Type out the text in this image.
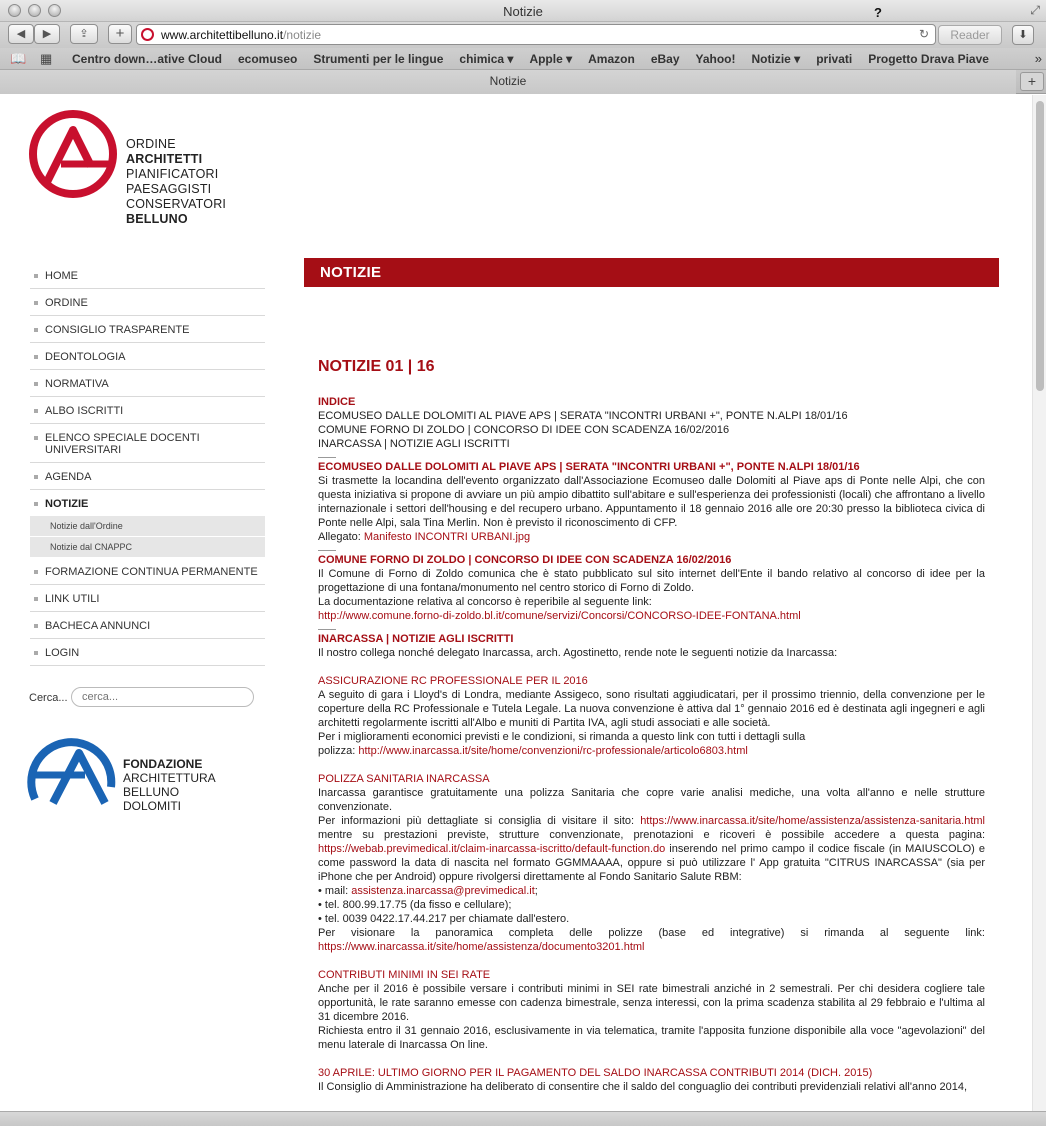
Notizie	?	⤢
◀	▶	⇪	+	www.architettibelluno.it/notizie	↻	Reader	⬇
📖 ▦ Centro down…ative Cloud ecomuseo Strumenti per le lingue chimica ▾ Apple ▾ Amazon eBay Yahoo! Notizie ▾ privati Progetto Drava Piave	»
Notizie	+
ORDINE
ARCHITETTI
PIANIFICATORI
PAESAGGISTI
CONSERVATORI
BELLUNO
HOME
ORDINE
CONSIGLIO TRASPARENTE
DEONTOLOGIA
NORMATIVA
ALBO ISCRITTI
ELENCO SPECIALE DOCENTI UNIVERSITARI
AGENDA
NOTIZIE
Notizie dall'Ordine
Notizie dal CNAPPC
FORMAZIONE CONTINUA PERMANENTE
LINK UTILI
BACHECA ANNUNCI
LOGIN
Cerca...
cerca...
FONDAZIONE
ARCHITETTURA
BELLUNO
DOLOMITI
NOTIZIE
NOTIZIE 01 | 16
INDICE
ECOMUSEO DALLE DOLOMITI AL PIAVE APS | SERATA "INCONTRI URBANI +", PONTE N.ALPI 18/01/16
COMUNE FORNO DI ZOLDO | CONCORSO DI IDEE CON SCADENZA 16/02/2016
INARCASSA | NOTIZIE AGLI ISCRITTI
ECOMUSEO DALLE DOLOMITI AL PIAVE APS | SERATA "INCONTRI URBANI +", PONTE N.ALPI 18/01/16
Si trasmette la locandina dell'evento organizzato dall'Associazione Ecomuseo dalle Dolomiti al Piave aps di Ponte nelle Alpi, che con questa iniziativa si propone di avviare un più ampio dibattito sull'abitare e sull'esperienza dei professionisti (locali) che affrontano a livello internazionale i settori dell'housing e del recupero urbano. Appuntamento il 18 gennaio 2016 alle ore 20:30 presso la biblioteca civica di Ponte nelle Alpi, sala Tina Merlin. Non è previsto il riconoscimento di CFP.
Allegato: Manifesto INCONTRI URBANI.jpg
COMUNE FORNO DI ZOLDO | CONCORSO DI IDEE CON SCADENZA 16/02/2016
Il Comune di Forno di Zoldo comunica che è stato pubblicato sul sito internet dell'Ente il bando relativo al concorso di idee per la progettazione di una fontana/monumento nel centro storico di Forno di Zoldo.
La documentazione relativa al concorso è reperibile al seguente link:
http://www.comune.forno-di-zoldo.bl.it/comune/servizi/Concorsi/CONCORSO-IDEE-FONTANA.html
INARCASSA | NOTIZIE AGLI ISCRITTI
Il nostro collega nonché delegato Inarcassa, arch. Agostinetto, rende note le seguenti notizie da Inarcassa:
ASSICURAZIONE RC PROFESSIONALE PER IL 2016
A seguito di gara i Lloyd's di Londra, mediante Assigeco, sono risultati aggiudicatari, per il prossimo triennio, della convenzione per le coperture della RC Professionale e Tutela Legale. La nuova convenzione è attiva dal 1° gennaio 2016 ed è destinata agli ingegneri e agli architetti regolarmente iscritti all'Albo e muniti di Partita IVA, agli studi associati e alle società.
Per i miglioramenti economici previsti e le condizioni, si rimanda a questo link con tutti i dettagli sulla
polizza: http://www.inarcassa.it/site/home/convenzioni/rc-professionale/articolo6803.html
POLIZZA SANITARIA INARCASSA
Inarcassa garantisce gratuitamente una polizza Sanitaria che copre varie analisi mediche, una volta all'anno e nelle strutture convenzionate.
Per informazioni più dettagliate si consiglia di visitare il sito: https://www.inarcassa.it/site/home/assistenza/assistenza-sanitaria.html mentre su prestazioni previste, strutture convenzionate, prenotazioni e ricoveri è possibile accedere a questa pagina: https://webab.previmedical.it/claim-inarcassa-iscritto/default-function.do inserendo nel primo campo il codice fiscale (in MAIUSCOLO) e come password la data di nascita nel formato GGMMAAAA, oppure si può utilizzare l' App gratuita "CITRUS INARCASSA" (sia per iPhone che per Android) oppure rivolgersi direttamente al Fondo Sanitario Salute RBM:
• mail: assistenza.inarcassa@previmedical.it;
• tel. 800.99.17.75 (da fisso e cellulare);
• tel. 0039 0422.17.44.217 per chiamate dall'estero.
Per visionare la panoramica completa delle polizze (base ed integrative) si rimanda al seguente link: https://www.inarcassa.it/site/home/assistenza/documento3201.html
CONTRIBUTI MINIMI IN SEI RATE
Anche per il 2016 è possibile versare i contributi minimi in SEI rate bimestrali anziché in 2 semestrali. Per chi desidera cogliere tale opportunità, le rate saranno emesse con cadenza bimestrale, senza interessi, con la prima scadenza stabilita al 29 febbraio e l'ultima al 31 dicembre 2016.
Richiesta entro il 31 gennaio 2016, esclusivamente in via telematica, tramite l'apposita funzione disponibile alla voce "agevolazioni" del menu laterale di Inarcassa On line.
30 APRILE: ULTIMO GIORNO PER IL PAGAMENTO DEL SALDO INARCASSA CONTRIBUTI 2014 (DICH. 2015)
Il Consiglio di Amministrazione ha deliberato di consentire che il saldo del conguaglio dei contributi previdenziali relativi all'anno 2014,
